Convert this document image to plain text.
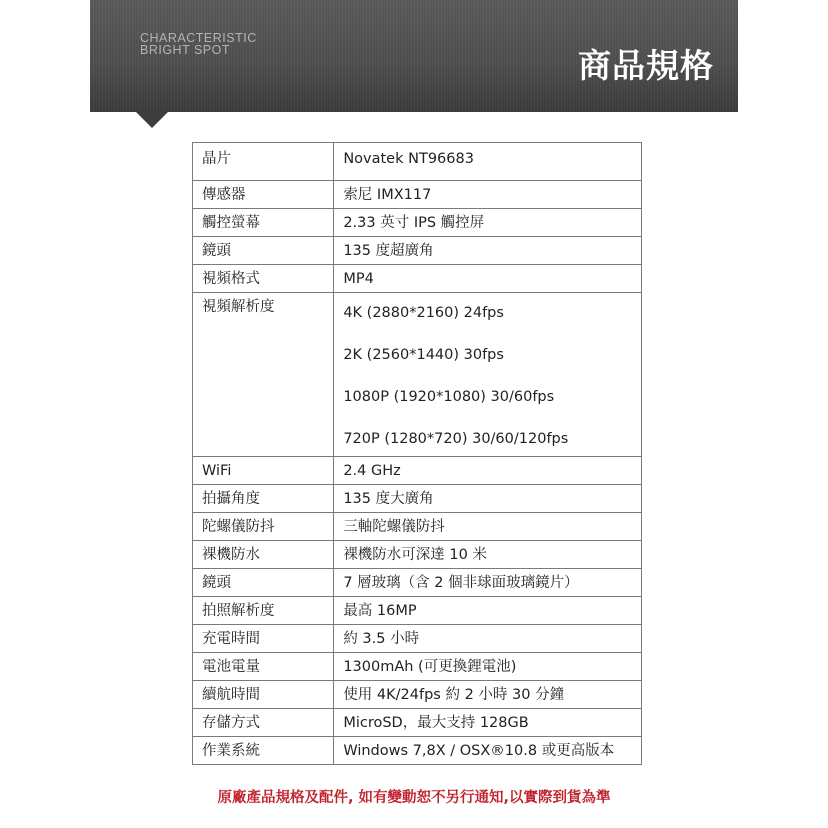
CHARACTERISTIC
BRIGHT SPOT	商品規格
晶片	Novatek NT96683
傳感器	索尼 IMX117
觸控螢幕	2.33 英寸 IPS 觸控屏
鏡頭	135 度超廣角
視頻格式	MP4
視頻解析度	4K (2880*2160) 24fps
2K (2560*1440) 30fps
1080P (1920*1080) 30/60fps
720P (1280*720) 30/60/120fps

WiFi	2.4 GHz
拍攝角度	135 度大廣角
陀螺儀防抖	三軸陀螺儀防抖
裸機防水	裸機防水可深達 10 米
鏡頭	7 層玻璃（含 2 個非球面玻璃鏡片）
拍照解析度	最高 16MP
充電時間	約 3.5 小時
電池電量	1300mAh (可更換鋰電池)
續航時間	使用 4K/24fps 約 2 小時 30 分鐘
存儲方式	MicroSD，最大支持 128GB
作業系統	Windows 7,8X / OSX®10.8 或更高版本
原廠產品規格及配件, 如有變動恕不另行通知,以實際到貨為準
